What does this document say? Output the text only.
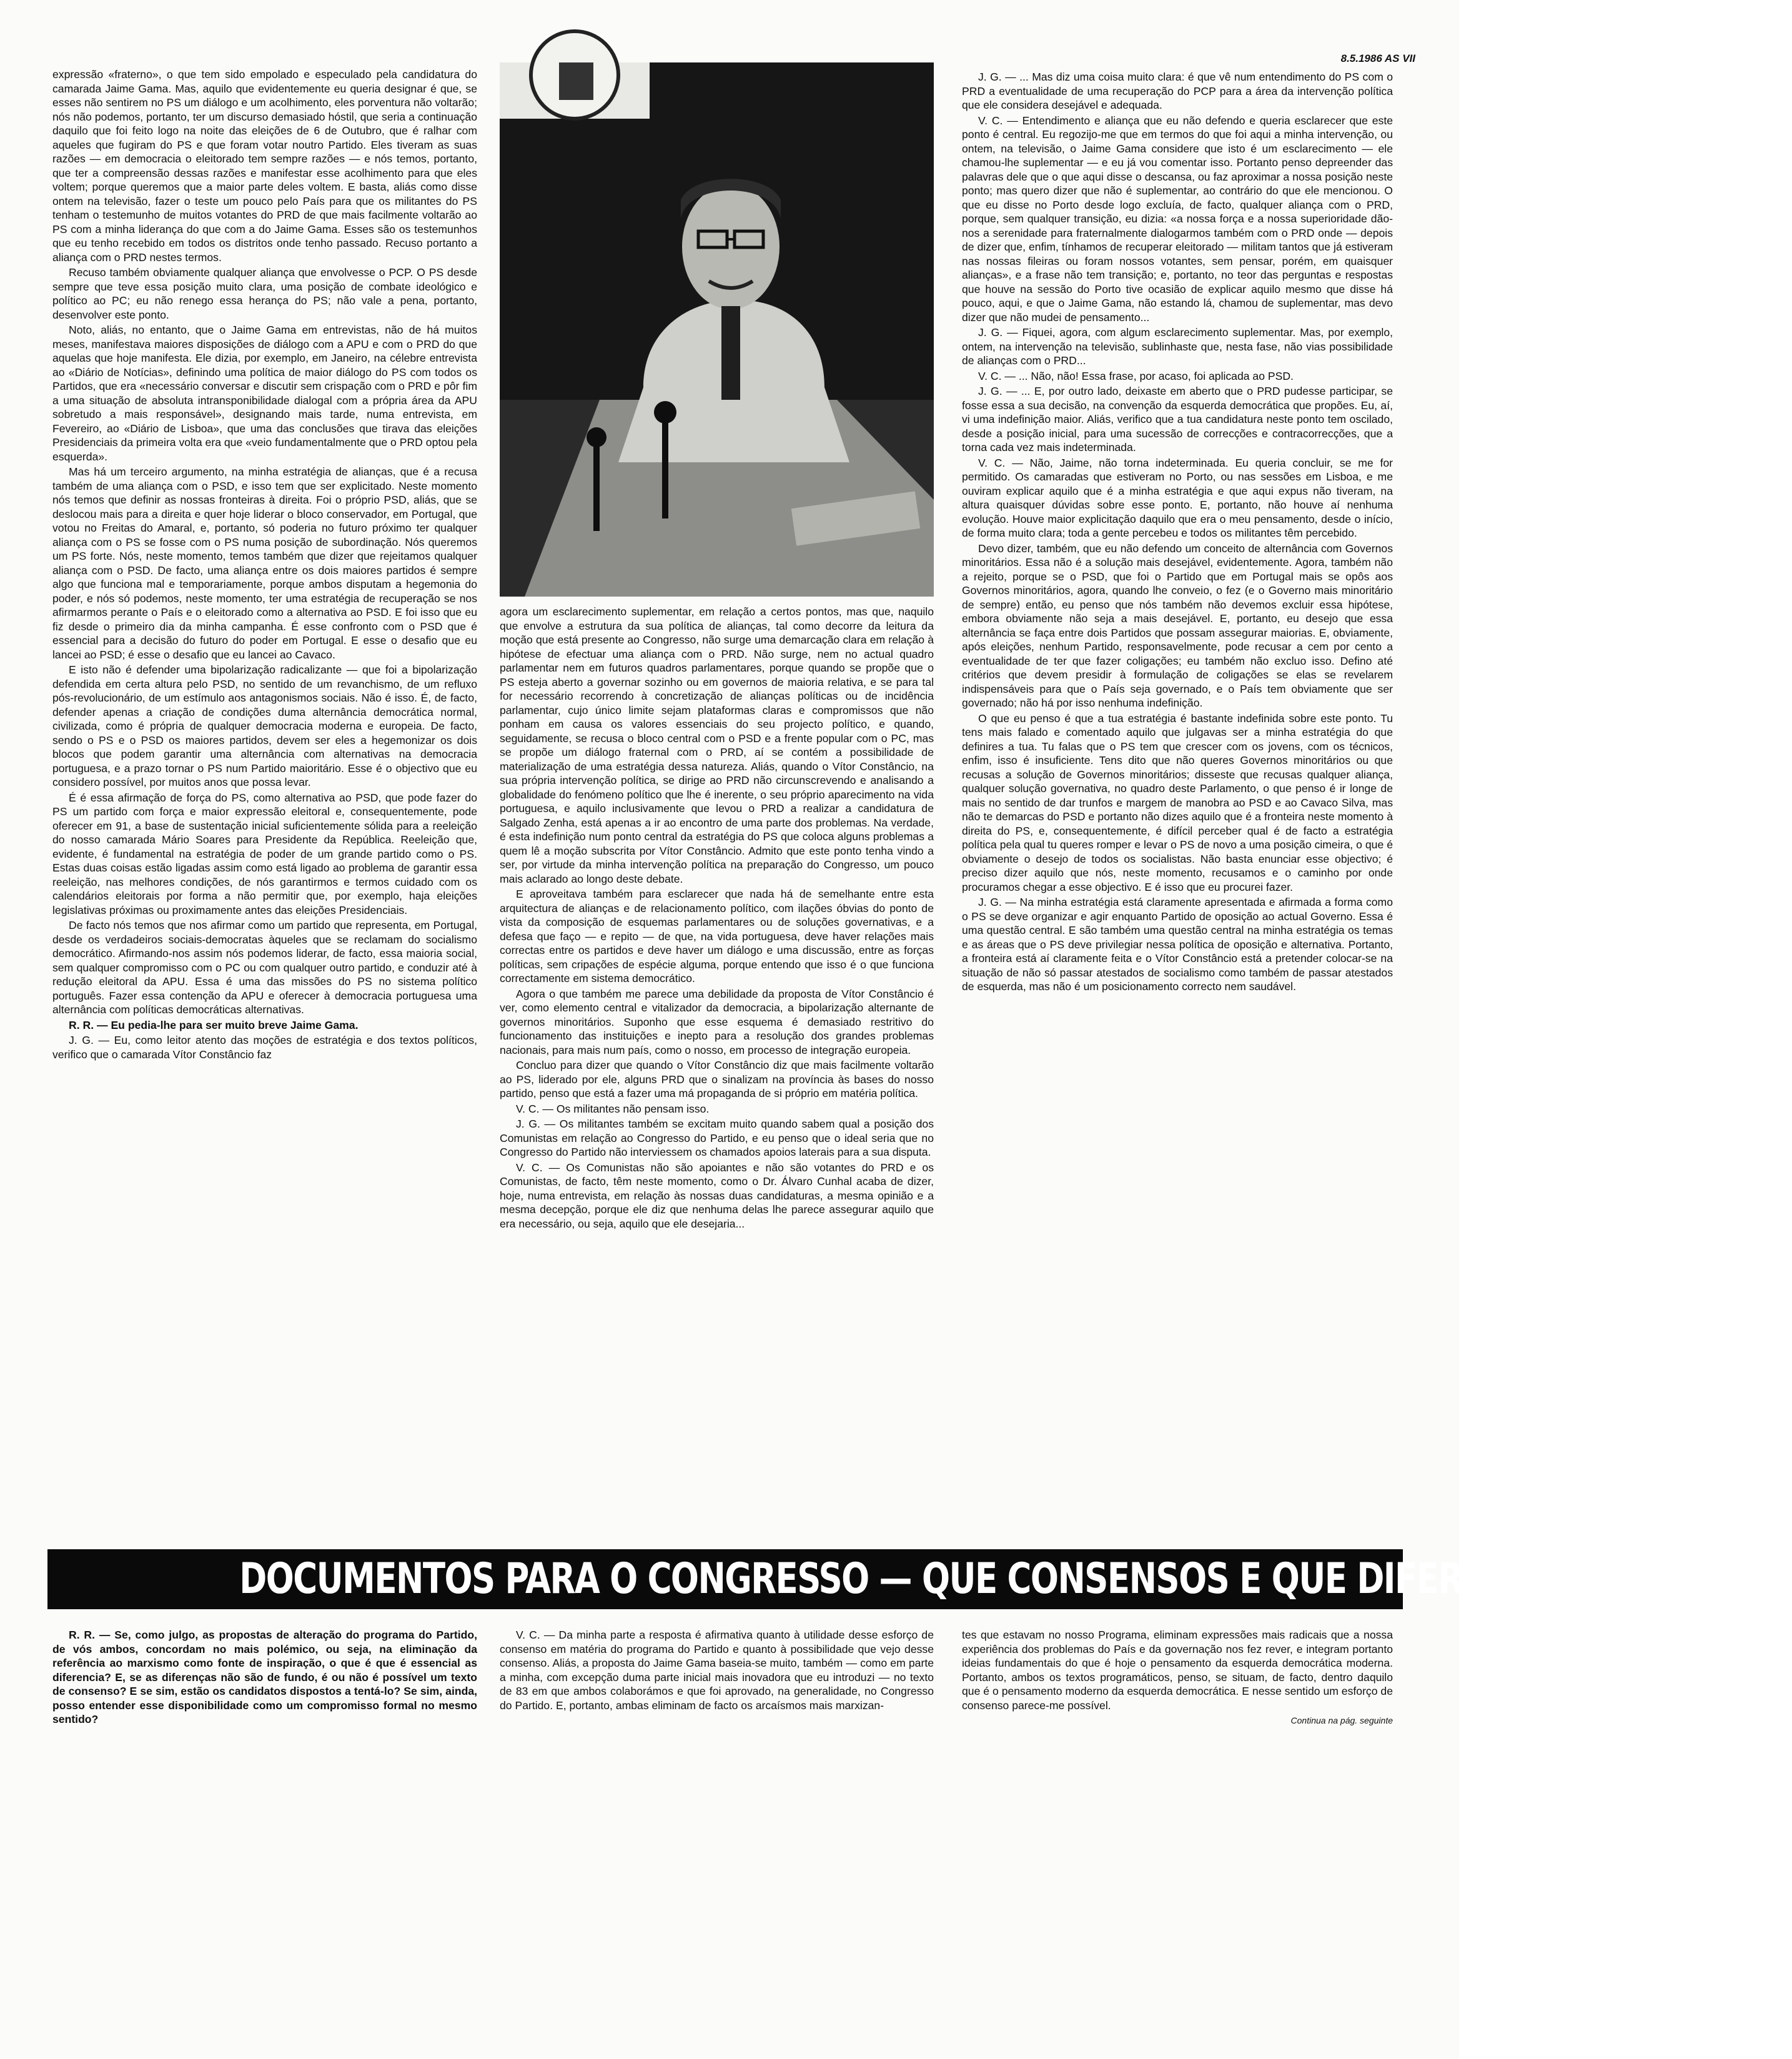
8.5.1986 AS VII

expressão «fraterno», o que tem sido empolado e especulado pela candidatura do camarada Jaime Gama. Mas, aquilo que evidentemente eu queria designar é que, se esses não sentirem no PS um diálogo e um acolhimento, eles porventura não voltarão; nós não podemos, portanto, ter um discurso demasiado hóstil, que seria a continuação daquilo que foi feito logo na noite das eleições de 6 de Outubro, que é ralhar com aqueles que fugiram do PS e que foram votar noutro Partido. Eles tiveram as suas razões — em democracia o eleitorado tem sempre razões — e nós temos, portanto, que ter a compreensão dessas razões e manifestar esse acolhimento para que eles voltem; porque queremos que a maior parte deles voltem. E basta, aliás como disse ontem na televisão, fazer o teste um pouco pelo País para que os militantes do PS tenham o testemunho de muitos votantes do PRD de que mais facilmente voltarão ao PS com a minha liderança do que com a do Jaime Gama. Esses são os testemunhos que eu tenho recebido em todos os distritos onde tenho passado. Recuso portanto a aliança com o PRD nestes termos.

Recuso também obviamente qualquer aliança que envolvesse o PCP. O PS desde sempre que teve essa posição muito clara, uma posição de combate ideológico e político ao PC; eu não renego essa herança do PS; não vale a pena, portanto, desenvolver este ponto.

Noto, aliás, no entanto, que o Jaime Gama em entrevistas, não de há muitos meses, manifestava maiores disposições de diálogo com a APU e com o PRD do que aquelas que hoje manifesta. Ele dizia, por exemplo, em Janeiro, na célebre entrevista ao «Diário de Notícias», definindo uma política de maior diálogo do PS com todos os Partidos, que era «necessário conversar e discutir sem crispação com o PRD e pôr fim a uma situação de absoluta intransponibilidade dialogal com a própria área da APU sobretudo a mais responsável», designando mais tarde, numa entrevista, em Fevereiro, ao «Diário de Lisboa», que uma das conclusões que tirava das eleições Presidenciais da primeira volta era que «veio fundamentalmente que o PRD optou pela esquerda».

Mas há um terceiro argumento, na minha estratégia de alianças, que é a recusa também de uma aliança com o PSD, e isso tem que ser explicitado. Neste momento nós temos que definir as nossas fronteiras à direita. Foi o próprio PSD, aliás, que se deslocou mais para a direita e quer hoje liderar o bloco conservador, em Portugal, que votou no Freitas do Amaral, e, portanto, só poderia no futuro próximo ter qualquer aliança com o PS se fosse com o PS numa posição de subordinação. Nós queremos um PS forte. Nós, neste momento, temos também que dizer que rejeitamos qualquer aliança com o PSD. De facto, uma aliança entre os dois maiores partidos é sempre algo que funciona mal e temporariamente, porque ambos disputam a hegemonia do poder, e nós só podemos, neste momento, ter uma estratégia de recuperação se nos afirmarmos perante o País e o eleitorado como a alternativa ao PSD. E foi isso que eu fiz desde o primeiro dia da minha campanha. É esse confronto com o PSD que é essencial para a decisão do futuro do poder em Portugal. E esse o desafio que eu lancei ao PSD; é esse o desafio que eu lancei ao Cavaco.

E isto não é defender uma bipolarização radicalizante — que foi a bipolarização defendida em certa altura pelo PSD, no sentido de um revanchismo, de um refluxo pós-revolucionário, de um estímulo aos antagonismos sociais. Não é isso. É, de facto, defender apenas a criação de condições duma alternância democrática normal, civilizada, como é própria de qualquer democracia moderna e europeia. De facto, sendo o PS e o PSD os maiores partidos, devem ser eles a hegemonizar os dois blocos que podem garantir uma alternância com alternativas na democracia portuguesa, e a prazo tornar o PS num Partido maioritário. Esse é o objectivo que eu considero possível, por muitos anos que possa levar.

É é essa afirmação de força do PS, como alternativa ao PSD, que pode fazer do PS um partido com força e maior expressão eleitoral e, consequentemente, pode oferecer em 91, a base de sustentação inicial suficientemente sólida para a reeleição do nosso camarada Mário Soares para Presidente da República. Reeleição que, evidente, é fundamental na estratégia de poder de um grande partido como o PS. Estas duas coisas estão ligadas assim como está ligado ao problema de garantir essa reeleição, nas melhores condições, de nós garantirmos e termos cuidado com os calendários eleitorais por forma a não permitir que, por exemplo, haja eleições legislativas próximas ou proximamente antes das eleições Presidenciais.

De facto nós temos que nos afirmar como um partido que representa, em Portugal, desde os verdadeiros sociais-democratas àqueles que se reclamam do socialismo democrático. Afirmando-nos assim nós podemos liderar, de facto, essa maioria social, sem qualquer compromisso com o PC ou com qualquer outro partido, e conduzir até à redução eleitoral da APU. Essa é uma das missões do PS no sistema político português. Fazer essa contenção da APU e oferecer à democracia portuguesa uma alternância com políticas democráticas alternativas.

R. R. — Eu pedia-lhe para ser muito breve Jaime Gama.

J. G. — Eu, como leitor atento das moções de estratégia e dos textos políticos, verifico que o camarada Vítor Constâncio faz

agora um esclarecimento suplementar, em relação a certos pontos, mas que, naquilo que envolve a estrutura da sua política de alianças, tal como decorre da leitura da moção que está presente ao Congresso, não surge uma demarcação clara em relação à hipótese de efectuar uma aliança com o PRD. Não surge, nem no actual quadro parlamentar nem em futuros quadros parlamentares, porque quando se propõe que o PS esteja aberto a governar sozinho ou em governos de maioria relativa, e se para tal for necessário recorrendo à concretização de alianças políticas ou de incidência parlamentar, cujo único limite sejam plataformas claras e compromissos que não ponham em causa os valores essenciais do seu projecto político, e quando, seguidamente, se recusa o bloco central com o PSD e a frente popular com o PC, mas se propõe um diálogo fraternal com o PRD, aí se contém a possibilidade de materialização de uma estratégia dessa natureza. Aliás, quando o Vítor Constâncio, na sua própria intervenção política, se dirige ao PRD não circunscrevendo e analisando a globalidade do fenómeno político que lhe é inerente, o seu próprio aparecimento na vida portuguesa, e aquilo inclusivamente que levou o PRD a realizar a candidatura de Salgado Zenha, está apenas a ir ao encontro de uma parte dos problemas. Na verdade, é esta indefinição num ponto central da estratégia do PS que coloca alguns problemas a quem lê a moção subscrita por Vítor Constâncio. Admito que este ponto tenha vindo a ser, por virtude da minha intervenção política na preparação do Congresso, um pouco mais aclarado ao longo deste debate.

E aproveitava também para esclarecer que nada há de semelhante entre esta arquitectura de alianças e de relacionamento político, com ilações óbvias do ponto de vista da composição de esquemas parlamentares ou de soluções governativas, e a defesa que faço — e repito — de que, na vida portuguesa, deve haver relações mais correctas entre os partidos e deve haver um diálogo e uma discussão, entre as forças políticas, sem cripações de espécie alguma, porque entendo que isso é o que funciona correctamente em sistema democrático.

Agora o que também me parece uma debilidade da proposta de Vítor Constâncio é ver, como elemento central e vitalizador da democracia, a bipolarização alternante de governos minoritários. Suponho que esse esquema é demasiado restritivo do funcionamento das instituições e inepto para a resolução dos grandes problemas nacionais, para mais num país, como o nosso, em processo de integração europeia.

Concluo para dizer que quando o Vítor Constâncio diz que mais facilmente voltarão ao PS, liderado por ele, alguns PRD que o sinalizam na província às bases do nosso partido, penso que está a fazer uma má propaganda de si próprio em matéria política.

V. C. — Os militantes não pensam isso.

J. G. — Os militantes também se excitam muito quando sabem qual a posição dos Comunistas em relação ao Congresso do Partido, e eu penso que o ideal seria que no Congresso do Partido não interviessem os chamados apoios laterais para a sua disputa.

V. C. — Os Comunistas não são apoiantes e não são votantes do PRD e os Comunistas, de facto, têm neste momento, como o Dr. Álvaro Cunhal acaba de dizer, hoje, numa entrevista, em relação às nossas duas candidaturas, a mesma opinião e a mesma decepção, porque ele diz que nenhuma delas lhe parece assegurar aquilo que era necessário, ou seja, aquilo que ele desejaria...

J. G. — ... Mas diz uma coisa muito clara: é que vê num entendimento do PS com o PRD a eventualidade de uma recuperação do PCP para a área da intervenção política que ele considera desejável e adequada.

V. C. — Entendimento e aliança que eu não defendo e queria esclarecer que este ponto é central. Eu regozijo-me que em termos do que foi aqui a minha intervenção, ou ontem, na televisão, o Jaime Gama considere que isto é um esclarecimento — ele chamou-lhe suplementar — e eu já vou comentar isso. Portanto penso depreender das palavras dele que o que aqui disse o descansa, ou faz aproximar a nossa posição neste ponto; mas quero dizer que não é suplementar, ao contrário do que ele mencionou. O que eu disse no Porto desde logo excluía, de facto, qualquer aliança com o PRD, porque, sem qualquer transição, eu dizia: «a nossa força e a nossa superioridade dão-nos a serenidade para fraternalmente dialogarmos também com o PRD onde — depois de dizer que, enfim, tínhamos de recuperar eleitorado — militam tantos que já estiveram nas nossas fileiras ou foram nossos votantes, sem pensar, porém, em quaisquer alianças», e a frase não tem transição; e, portanto, no teor das perguntas e respostas que houve na sessão do Porto tive ocasião de explicar aquilo mesmo que disse há pouco, aqui, e que o Jaime Gama, não estando lá, chamou de suplementar, mas devo dizer que não mudei de pensamento...

J. G. — Fiquei, agora, com algum esclarecimento suplementar. Mas, por exemplo, ontem, na intervenção na televisão, sublinhaste que, nesta fase, não vias possibilidade de alianças com o PRD...

V. C. — ... Não, não! Essa frase, por acaso, foi aplicada ao PSD.

J. G. — ... E, por outro lado, deixaste em aberto que o PRD pudesse participar, se fosse essa a sua decisão, na convenção da esquerda democrática que propões. Eu, aí, vi uma indefinição maior. Aliás, verifico que a tua candidatura neste ponto tem oscilado, desde a posição inicial, para uma sucessão de correcções e contracorrecções, que a torna cada vez mais indeterminada.

V. C. — Não, Jaime, não torna indeterminada. Eu queria concluir, se me for permitido. Os camaradas que estiveram no Porto, ou nas sessões em Lisboa, e me ouviram explicar aquilo que é a minha estratégia e que aqui expus não tiveram, na altura quaisquer dúvidas sobre esse ponto. E, portanto, não houve aí nenhuma evolução. Houve maior explicitação daquilo que era o meu pensamento, desde o início, de forma muito clara; toda a gente percebeu e todos os militantes têm percebido.

Devo dizer, também, que eu não defendo um conceito de alternância com Governos minoritários. Essa não é a solução mais desejável, evidentemente. Agora, também não a rejeito, porque se o PSD, que foi o Partido que em Portugal mais se opôs aos Governos minoritários, agora, quando lhe conveio, o fez (e o Governo mais minoritário de sempre) então, eu penso que nós também não devemos excluir essa hipótese, embora obviamente não seja a mais desejável. E, portanto, eu desejo que essa alternância se faça entre dois Partidos que possam assegurar maiorias. E, obviamente, após eleições, nenhum Partido, responsavelmente, pode recusar a cem por cento a eventualidade de ter que fazer coligações; eu também não excluo isso. Defino até critérios que devem presidir à formulação de coligações se elas se revelarem indispensáveis para que o País seja governado, e o País tem obviamente que ser governado; não há por isso nenhuma indefinição.

O que eu penso é que a tua estratégia é bastante indefinida sobre este ponto. Tu tens mais falado e comentado aquilo que julgavas ser a minha estratégia do que definires a tua. Tu falas que o PS tem que crescer com os jovens, com os técnicos, enfim, isso é insuficiente. Tens dito que não queres Governos minoritários ou que recusas a solução de Governos minoritários; disseste que recusas qualquer aliança, qualquer solução governativa, no quadro deste Parlamento, o que penso é ir longe de mais no sentido de dar trunfos e margem de manobra ao PSD e ao Cavaco Silva, mas não te demarcas do PSD e portanto não dizes aquilo que é a fronteira neste momento à direita do PS, e, consequentemente, é difícil perceber qual é de facto a estratégia política pela qual tu queres romper e levar o PS de novo a uma posição cimeira, o que é obviamente o desejo de todos os socialistas. Não basta enunciar esse objectivo; é preciso dizer aquilo que nós, neste momento, recusamos e o caminho por onde procuramos chegar a esse objectivo. E é isso que eu procurei fazer.

J. G. — Na minha estratégia está claramente apresentada e afirmada a forma como o PS se deve organizar e agir enquanto Partido de oposição ao actual Governo. Essa é uma questão central. E são também uma questão central na minha estratégia os temas e as áreas que o PS deve privilegiar nessa política de oposição e alternativa. Portanto, a fronteira está aí claramente feita e o Vítor Constâncio está a pretender colocar-se na situação de não só passar atestados de socialismo como também de passar atestados de esquerda, mas não é um posicionamento correcto nem saudável.

DOCUMENTOS PARA O CONGRESSO — QUE CONSENSOS E QUE DIFERENÇAS?

R. R. — Se, como julgo, as propostas de alteração do programa do Partido, de vós ambos, concordam no mais polémico, ou seja, na eliminação da referência ao marxismo como fonte de inspiração, o que é que é essencial as diferencia? E, se as diferenças não são de fundo, é ou não é possível um texto de consenso? E se sim, estão os candidatos dispostos a tentá-lo? Se sim, ainda, posso entender esse disponibilidade como um compromisso formal no mesmo sentido?

V. C. — Da minha parte a resposta é afirmativa quanto à utilidade desse esforço de consenso em matéria do programa do Partido e quanto à possibilidade que vejo desse consenso. Aliás, a proposta do Jaime Gama baseia-se muito, também — como em parte a minha, com excepção duma parte inicial mais inovadora que eu introduzi — no texto de 83 em que ambos colaborámos e que foi aprovado, na generalidade, no Congresso do Partido. E, portanto, ambas eliminam de facto os arcaísmos mais marxizan-

tes que estavam no nosso Programa, eliminam expressões mais radicais que a nossa experiência dos problemas do País e da governação nos fez rever, e integram portanto ideias fundamentais do que é hoje o pensamento da esquerda democrática moderna. Portanto, ambos os textos programáticos, penso, se situam, de facto, dentro daquilo que é o pensamento moderno da esquerda democrática. E nesse sentido um esforço de consenso parece-me possível.

Continua na pág. seguinte
